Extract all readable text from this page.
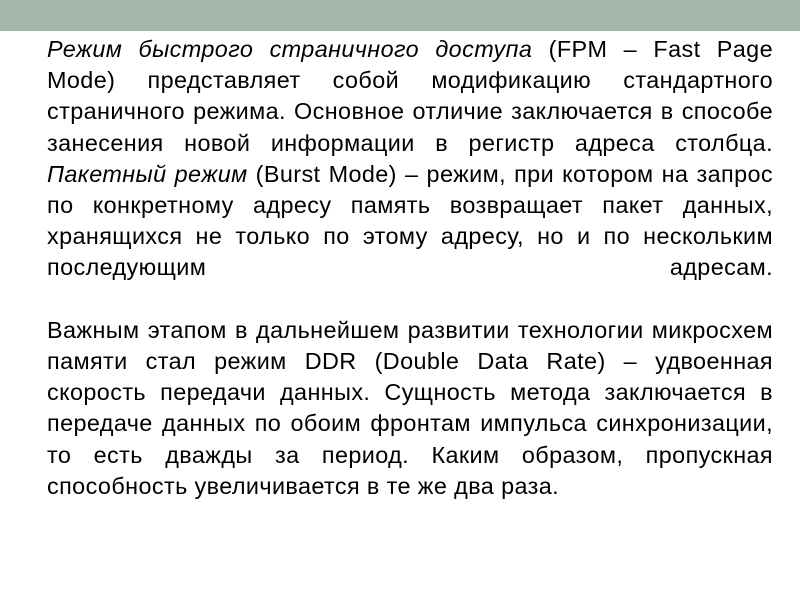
Режим быстрого страничного доступа (FPM – Fast Page Mode) представляет собой модификацию стандартного страничного режима. Основное отличие заключается в способе занесения новой информации в регистр адреса столбца.

Пакетный режим (Burst Mode) – режим, при котором на запрос по конкретному адресу память возвращает пакет данных, хранящихся не только по этому адресу, но и по нескольким последующим адресам.

Важным этапом в дальнейшем развитии технологии микросхем памяти стал режим DDR (Double Data Rate) – удвоенная скорость передачи данных. Сущность метода заключается в передаче данных по обоим фронтам импульса синхронизации, то есть дважды за период. Каким образом, пропускная способность увеличивается в те же два раза.
